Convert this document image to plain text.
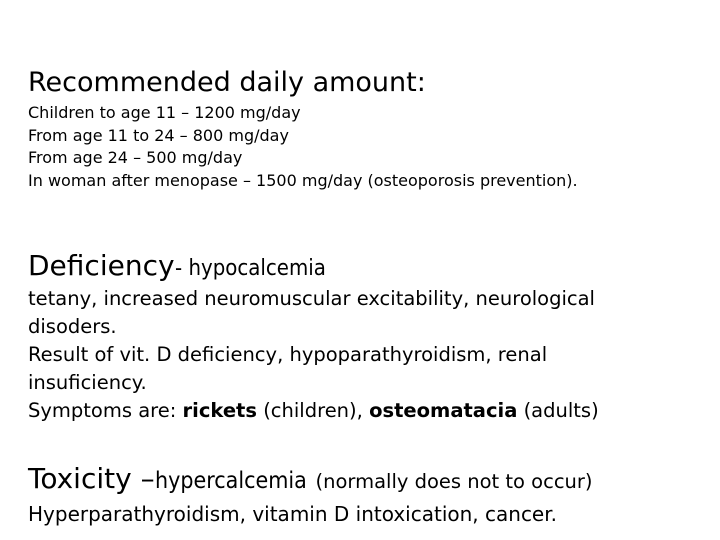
Recommended daily amount:
Children to age 11 – 1200 mg/day
From age 11 to 24 – 800 mg/day
From age 24 – 500 mg/day
In woman after menopase – 1500 mg/day (osteoporosis prevention).
Deficiency- hypocalcemia
tetany, increased neuromuscular excitability, neurological
disoders.
Result of vit. D deficiency, hypoparathyroidism, renal
insuficiency.
Symptoms are: rickets (children), osteomatacia (adults)
Toxicity –hypercalcemia (normally does not to occur)
Hyperparathyroidism, vitamin D intoxication, cancer.
